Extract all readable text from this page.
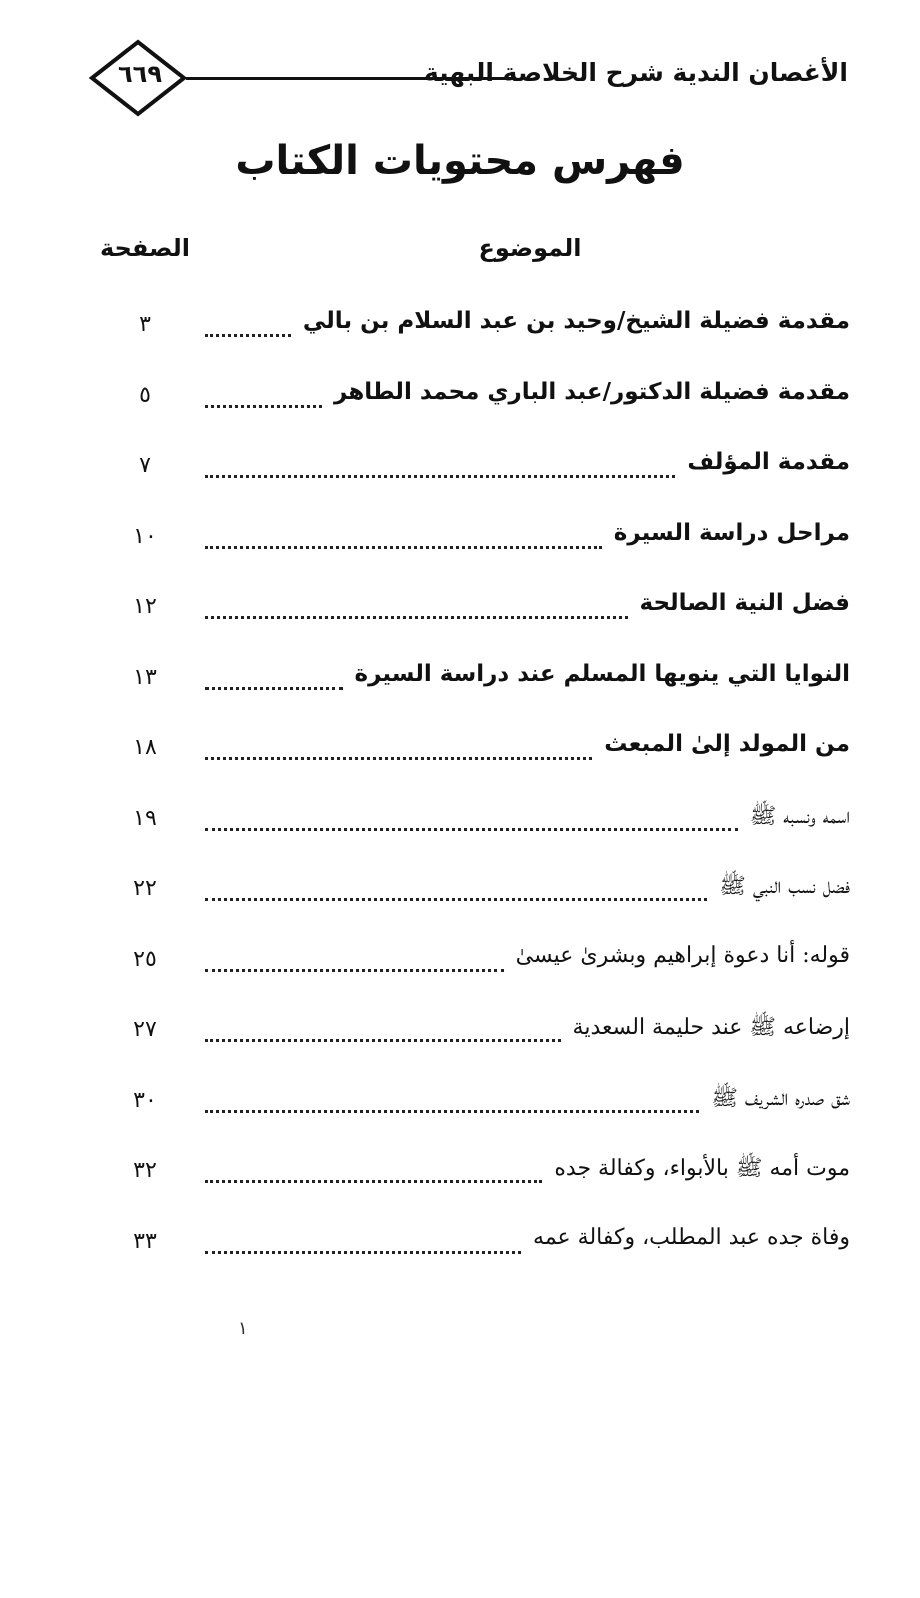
٦٦٩	الأغصان الندية شرح الخلاصة البهية
فهرس محتويات الكتاب
الموضوع
الصفحة
مقدمة فضيلة الشيخ/وحيد بن عبد السلام بن بالي
٣
مقدمة فضيلة الدكتور/عبد الباري محمد الطاهر
٥
مقدمة المؤلف
٧
مراحل دراسة السيرة
١٠
فضل النية الصالحة
١٢
النوايا التي ينويها المسلم عند دراسة السيرة
١٣
من المولد إلىٰ المبعث
١٨
اسمه ونسبه ﷺ
١٩
فضل نسب النبي ﷺ
٢٢
قوله: أنا دعوة إبراهيم وبشرىٰ عيسىٰ
٢٥
إرضاعه ﷺ عند حليمة السعدية
٢٧
شق صدره الشريف ﷺ
٣٠
موت أمه ﷺ بالأبواء، وكفالة جده
٣٢
وفاة جده عبد المطلب، وكفالة عمه
٣٣
١
